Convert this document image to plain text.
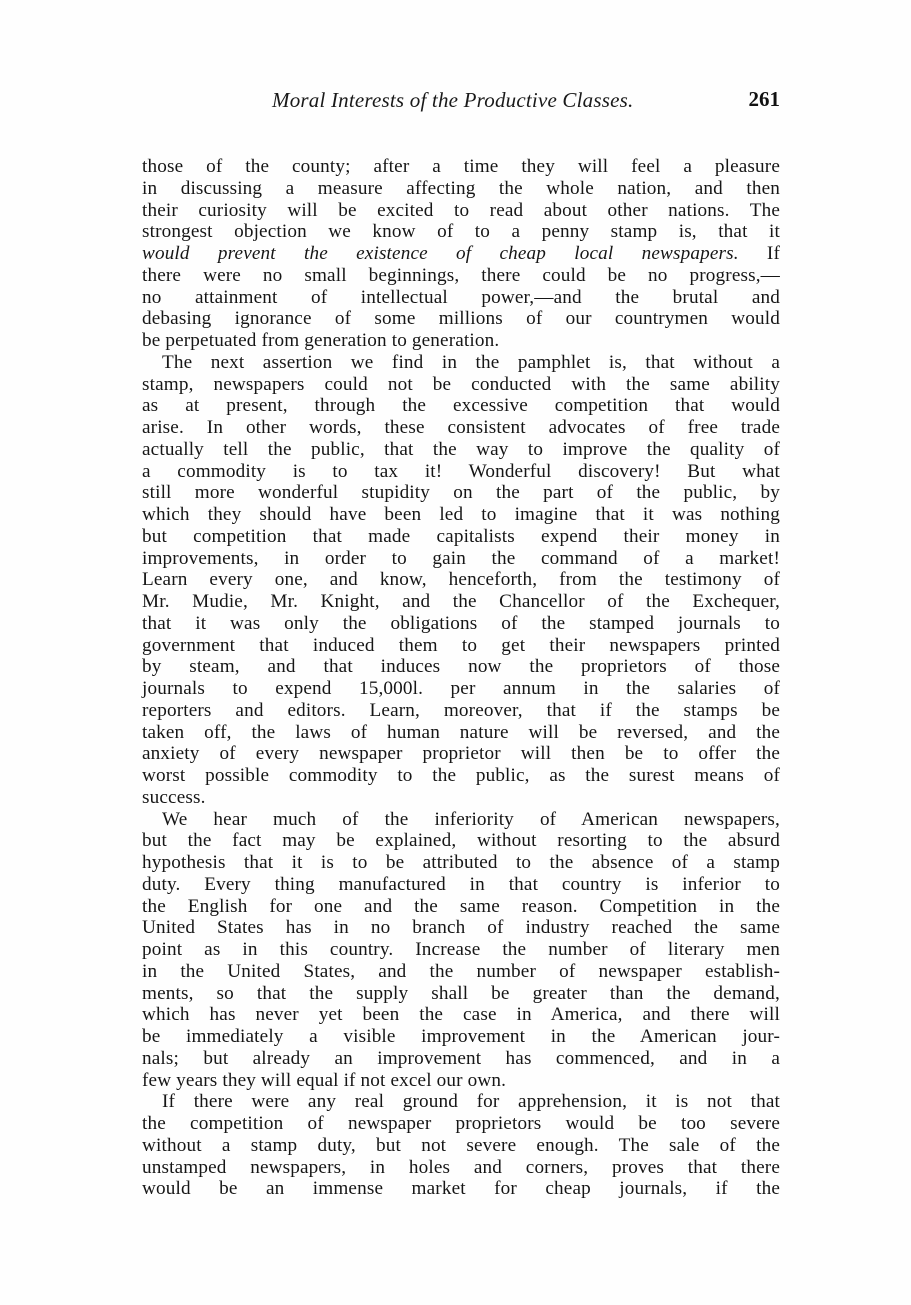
Moral Interests of the Productive Classes.	261
those of the county; after a time they will feel a pleasure
in discussing a measure affecting the whole nation, and then
their curiosity will be excited to read about other nations. The
strongest objection we know of to a penny stamp is, that it
would prevent the existence of cheap local newspapers. If
there were no small beginnings, there could be no progress,—
no attainment of intellectual power,—and the brutal and
debasing ignorance of some millions of our countrymen would
be perpetuated from generation to generation.
The next assertion we find in the pamphlet is, that without a
stamp, newspapers could not be conducted with the same ability
as at present, through the excessive competition that would
arise. In other words, these consistent advocates of free trade
actually tell the public, that the way to improve the quality of
a commodity is to tax it! Wonderful discovery! But what
still more wonderful stupidity on the part of the public, by
which they should have been led to imagine that it was nothing
but competition that made capitalists expend their money in
improvements, in order to gain the command of a market!
Learn every one, and know, henceforth, from the testimony of
Mr. Mudie, Mr. Knight, and the Chancellor of the Exchequer,
that it was only the obligations of the stamped journals to
government that induced them to get their newspapers printed
by steam, and that induces now the proprietors of those
journals to expend 15,000l. per annum in the salaries of
reporters and editors. Learn, moreover, that if the stamps be
taken off, the laws of human nature will be reversed, and the
anxiety of every newspaper proprietor will then be to offer the
worst possible commodity to the public, as the surest means of
success.
We hear much of the inferiority of American newspapers,
but the fact may be explained, without resorting to the absurd
hypothesis that it is to be attributed to the absence of a stamp
duty. Every thing manufactured in that country is inferior to
the English for one and the same reason. Competition in the
United States has in no branch of industry reached the same
point as in this country. Increase the number of literary men
in the United States, and the number of newspaper establish-
ments, so that the supply shall be greater than the demand,
which has never yet been the case in America, and there will
be immediately a visible improvement in the American jour-
nals; but already an improvement has commenced, and in a
few years they will equal if not excel our own.
If there were any real ground for apprehension, it is not that
the competition of newspaper proprietors would be too severe
without a stamp duty, but not severe enough. The sale of the
unstamped newspapers, in holes and corners, proves that there
would be an immense market for cheap journals, if the
